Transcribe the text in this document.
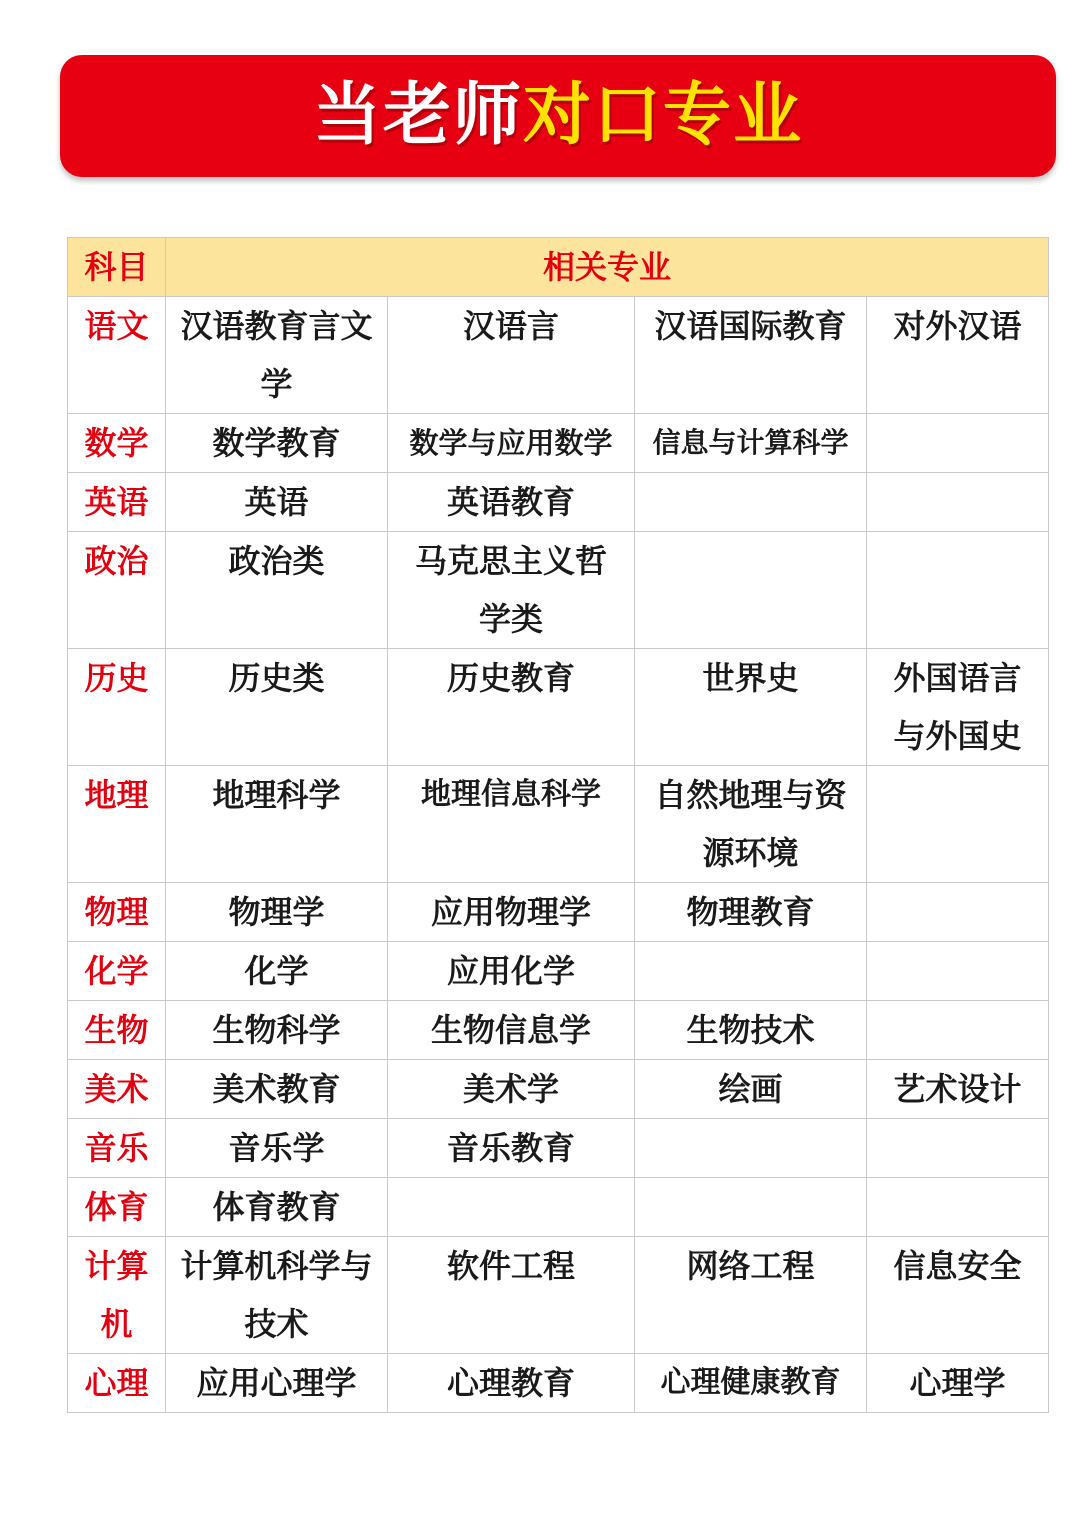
当老师对口专业
科目	相关专业			
语文	汉语教育言文学	汉语言	汉语国际教育	对外汉语
数学	数学教育	数学与应用数学	信息与计算科学	
英语	英语	英语教育		
政治	政治类	马克思主义哲学类		
历史	历史类	历史教育	世界史	外国语言与外国史
地理	地理科学	地理信息科学	自然地理与资源环境	
物理	物理学	应用物理学	物理教育	
化学	化学	应用化学		
生物	生物科学	生物信息学	生物技术	
美术	美术教育	美术学	绘画	艺术设计
音乐	音乐学	音乐教育		
体育	体育教育			
计算机	计算机科学与技术	软件工程	网络工程	信息安全
心理	应用心理学	心理教育	心理健康教育	心理学
